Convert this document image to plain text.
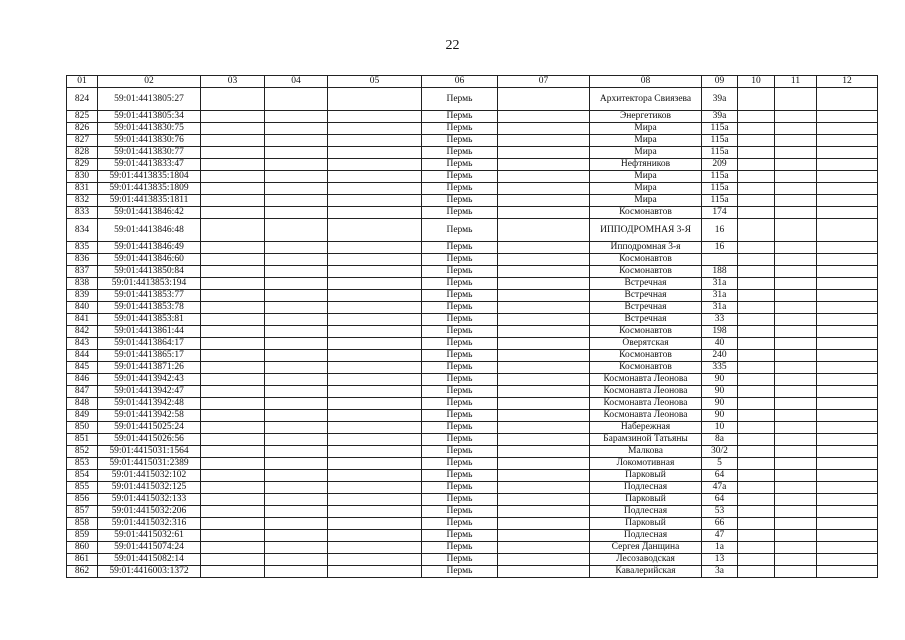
22
01	02	03	04	05	06	07	08	09	10	11	12
824	59:01:4413805:27				Пермь		Архитектора Свиязева	39а			
825	59:01:4413805:34				Пермь		Энергетиков	39а			
826	59:01:4413830:75				Пермь		Мира	115а			
827	59:01:4413830:76				Пермь		Мира	115а			
828	59:01:4413830:77				Пермь		Мира	115а			
829	59:01:4413833:47				Пермь		Нефтяников	209			
830	59:01:4413835:1804				Пермь		Мира	115а			
831	59:01:4413835:1809				Пермь		Мира	115а			
832	59:01:4413835:1811				Пермь		Мира	115а			
833	59:01:4413846:42				Пермь		Космонавтов	174			
834	59:01:4413846:48				Пермь		ИППОДРОМНАЯ 3-Я	16			
835	59:01:4413846:49				Пермь		Ипподромная 3-я	16			
836	59:01:4413846:60				Пермь		Космонавтов				
837	59:01:4413850:84				Пермь		Космонавтов	188			
838	59:01:4413853:194				Пермь		Встречная	31а			
839	59:01:4413853:77				Пермь		Встречная	31а			
840	59:01:4413853:78				Пермь		Встречная	31а			
841	59:01:4413853:81				Пермь		Встречная	33			
842	59:01:4413861:44				Пермь		Космонавтов	198			
843	59:01:4413864:17				Пермь		Оверятская	40			
844	59:01:4413865:17				Пермь		Космонавтов	240			
845	59:01:4413871:26				Пермь		Космонавтов	335			
846	59:01:4413942:43				Пермь		Космонавта Леонова	90			
847	59:01:4413942:47				Пермь		Космонавта Леонова	90			
848	59:01:4413942:48				Пермь		Космонавта Леонова	90			
849	59:01:4413942:58				Пермь		Космонавта Леонова	90			
850	59:01:4415025:24				Пермь		Набережная	10			
851	59:01:4415026:56				Пермь		Барамзиной Татьяны	8а			
852	59:01:4415031:1564				Пермь		Малкова	30/2			
853	59:01:4415031:2389				Пермь		Локомотивная	5			
854	59:01:4415032:102				Пермь		Парковый	64			
855	59:01:4415032:125				Пермь		Подлесная	47а			
856	59:01:4415032:133				Пермь		Парковый	64			
857	59:01:4415032:206				Пермь		Подлесная	53			
858	59:01:4415032:316				Пермь		Парковый	66			
859	59:01:4415032:61				Пермь		Подлесная	47			
860	59:01:4415074:24				Пермь		Сергея Данщина	1а			
861	59:01:4415082:14				Пермь		Лесозаводская	13			
862	59:01:4416003:1372				Пермь		Кавалерийская	3а			
